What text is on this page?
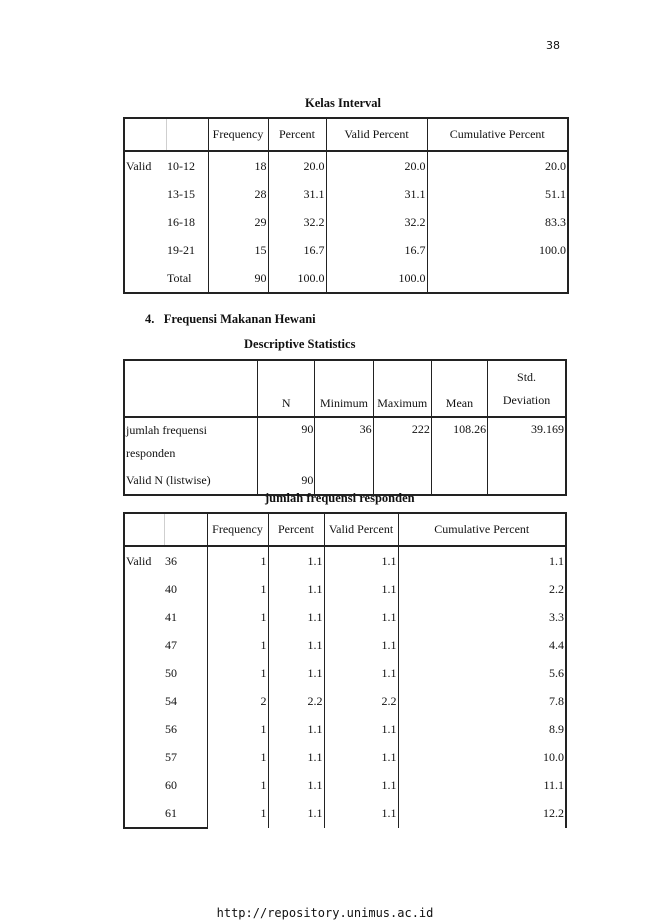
38
Kelas Interval
		Frequency	Percent	Valid Percent	Cumulative Percent
Valid	10-12	18	20.0	20.0	20.0
	13-15	28	31.1	31.1	51.1
	16-18	29	32.2	32.2	83.3
	19-21	15	16.7	16.7	100.0
	Total	90	100.0	100.0	
4. Frequensi Makanan Hewani
Descriptive Statistics
	N	Minimum	Maximum	Mean	Std.
Deviation

jumlah frequensi
responden	90	36	222	108.26	39.169
Valid N (listwise)	90				
jumlah frequensi responden
		Frequency	Percent	Valid Percent	Cumulative Percent
Valid	36	1	1.1	1.1	1.1
	40	1	1.1	1.1	2.2
	41	1	1.1	1.1	3.3
	47	1	1.1	1.1	4.4
	50	1	1.1	1.1	5.6
	54	2	2.2	2.2	7.8
	56	1	1.1	1.1	8.9
	57	1	1.1	1.1	10.0
	60	1	1.1	1.1	11.1
	61	1	1.1	1.1	12.2
http://repository.unimus.ac.id
